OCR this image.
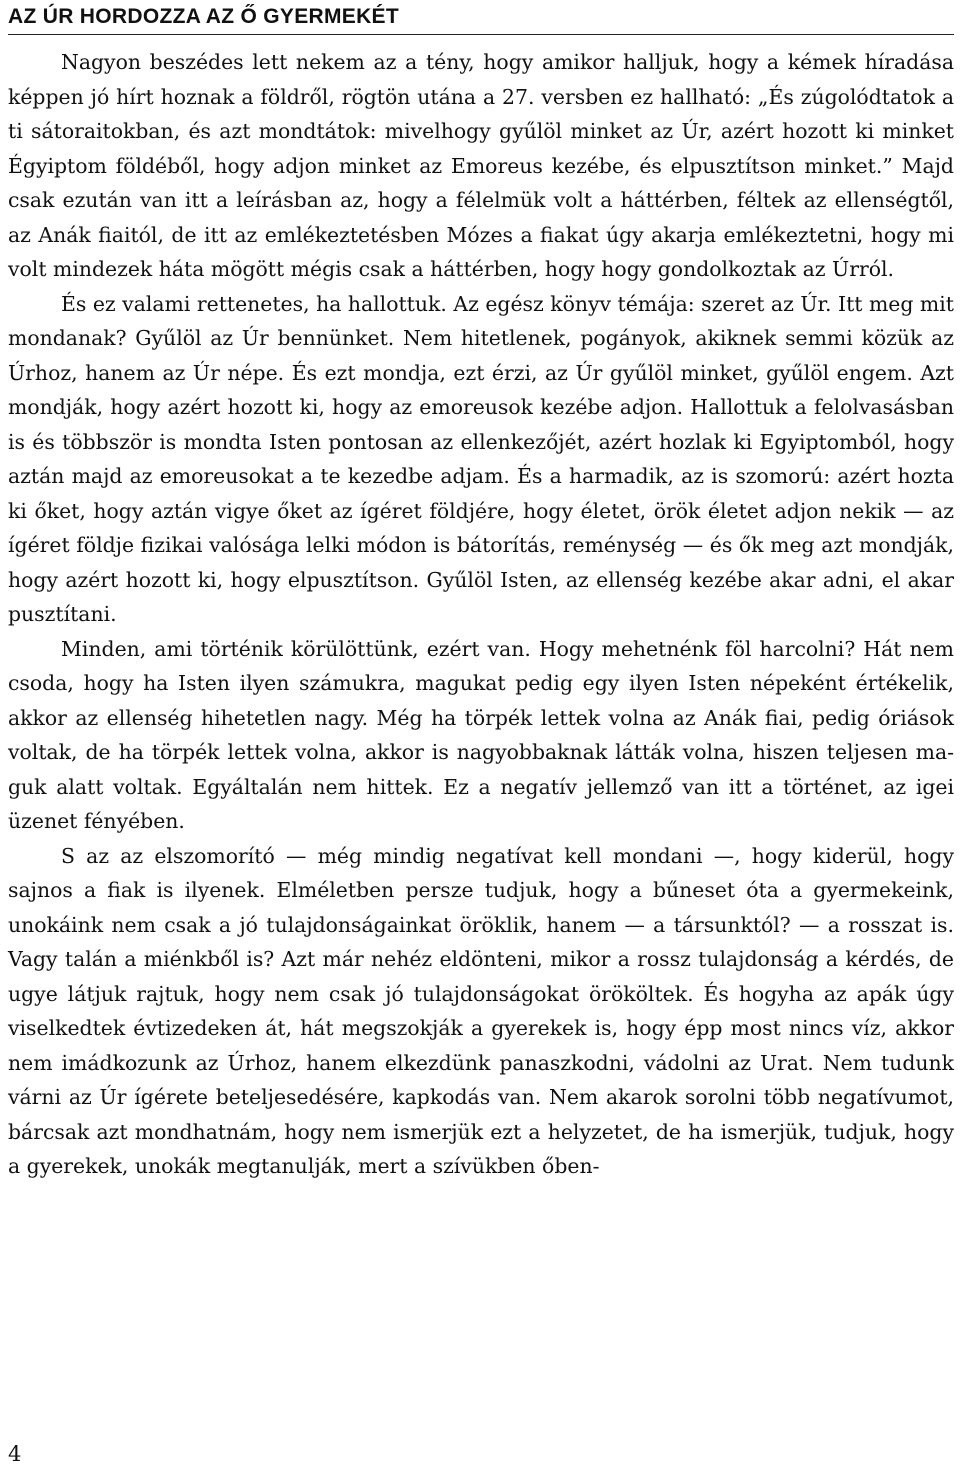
AZ ÚR HORDOZZA AZ Ő GYERMEKÉT

Nagyon beszédes lett nekem az a tény, hogy amikor halljuk, hogy a kémek híradása képpen jó hírt hoznak a földről, rögtön utána a 27. versben ez hallható: „És zúgolódtatok a ti sátoraitokban, és azt mondtátok: mivelhogy gyűlöl minket az Úr, azért hozott ki minket Égyiptom földéből, hogy adjon minket az Emoreus kezébe, és elpusztítson minket.” Majd csak ezután van itt a leírásban az, hogy a félelmük volt a háttérben, féltek az ellenségtől, az Anák fiaitól, de itt az emlékeztetésben Mózes a fiakat úgy akarja emlékeztetni, hogy mi volt mindezek háta mögött mégis csak a háttérben, hogy hogy gondolkoztak az Úrról.

És ez valami rettenetes, ha hallottuk. Az egész könyv témája: szeret az Úr. Itt meg mit mondanak? Gyűlöl az Úr bennünket. Nem hitetlenek, pogányok, akiknek semmi közük az Úrhoz, hanem az Úr népe. És ezt mondja, ezt érzi, az Úr gyűlöl minket, gyűlöl engem. Azt mondják, hogy azért hozott ki, hogy az emoreusok kezébe adjon. Hallottuk a felolvasásban is és többször is mondta Isten pontosan az ellenkezőjét, azért hozlak ki Egyiptomból, hogy aztán majd az emoreusokat a te kezedbe adjam. És a harmadik, az is szomorú: azért hozta ki őket, hogy aztán vigye őket az ígéret földjére, hogy életet, örök életet adjon nekik — az ígéret földje fizikai valósága lelki módon is bátorítás, reménység — és ők meg azt mondják, hogy azért hozott ki, hogy elpusztítson. Gyűlöl Isten, az ellenség kezébe akar adni, el akar pusztítani.

Minden, ami történik körülöttünk, ezért van. Hogy mehetnénk föl harcolni? Hát nem csoda, hogy ha Isten ilyen számukra, magukat pedig egy ilyen Isten népeként értékelik, akkor az ellenség hihetetlen nagy. Még ha törpék lettek volna az Anák fiai, pedig óriások voltak, de ha törpék lettek volna, akkor is nagyobbaknak látták volna, hiszen teljesen maguk alatt voltak. Egyáltalán nem hittek. Ez a negatív jellemző van itt a történet, az igei üzenet fényében.

S az az elszomorító — még mindig negatívat kell mondani —, hogy kiderül, hogy sajnos a fiak is ilyenek. Elméletben persze tudjuk, hogy a bűneset óta a gyermekeink, unokáink nem csak a jó tulajdonságainkat öröklik, hanem — a társunktól? — a rosszat is. Vagy talán a miénkből is? Azt már nehéz eldönteni, mikor a rossz tulajdonság a kérdés, de ugye látjuk rajtuk, hogy nem csak jó tulajdonságokat örököltek. És hogyha az apák úgy viselkedtek évtizedeken át, hát megszokják a gyerekek is, hogy épp most nincs víz, akkor nem imádkozunk az Úrhoz, hanem elkezdünk panaszkodni, vádolni az Urat. Nem tudunk várni az Úr ígérete beteljesedésére, kapkodás van. Nem akarok sorolni több negatívumot, bárcsak azt mondhatnám, hogy nem ismerjük ezt a helyzetet, de ha ismerjük, tudjuk, hogy a gyerekek, unokák megtanulják, mert a szívükben őben-

4
